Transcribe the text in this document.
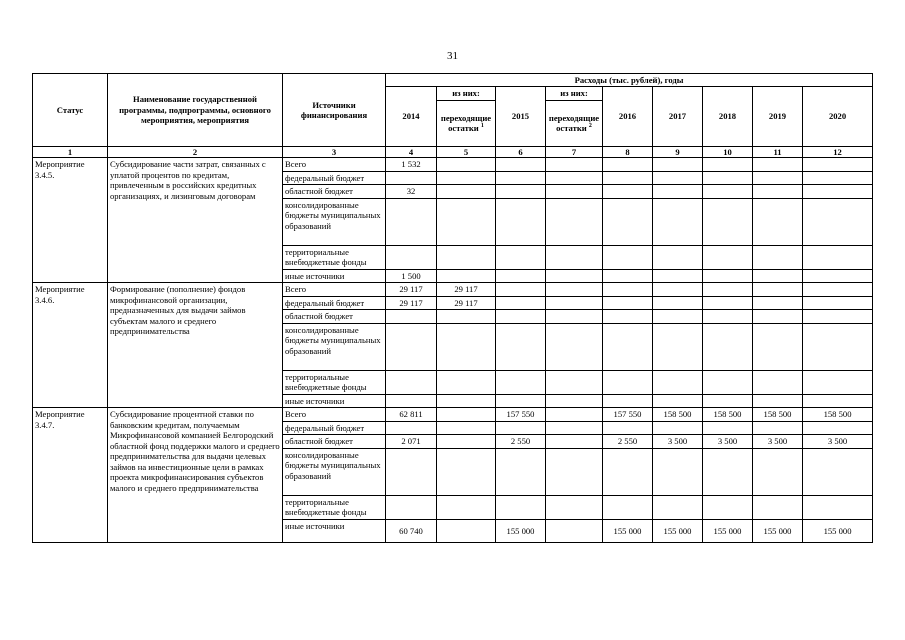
31
Статус	Наименование государственной программы, подпрограммы, основного мероприятия, мероприятия	Источники финансирования	Расходы (тыс. рублей), годы								
			2014	из них:	2015	из них:	2016	2017	2018	2019	2020
				переходящие остатки $^1$		переходящие остатки $^2$
1	2	3	4	5	6	7	8	9	10	11	12
Мероприятие 3.4.5.	Субсидирование части затрат, связанных с уплатой процентов по кредитам, привлеченным в российских кредитных организациях, и лизинговым договорам	Всего	1 532								
		федеральный бюджет									
		областной бюджет	32								
		консолидированные бюджеты муниципальных образований									
		территориальные внебюджетные фонды									
		иные источники	1 500								
Мероприятие 3.4.6.	Формирование (пополнение) фондов микрофинансовой организации, предназначенных для выдачи займов субъектам малого и среднего предпринимательства	Всего	29 117	29 117							
		федеральный бюджет	29 117	29 117							
		областной бюджет									
		консолидированные бюджеты муниципальных образований									
		территориальные внебюджетные фонды									
		иные источники									
Мероприятие 3.4.7.	Субсидирование процентной ставки по банковским кредитам, получаемым Микрофинансовой компанией Белгородский областной фонд поддержки малого и среднего предпринимательства для выдачи целевых займов на инвестиционные цели в рамках проекта микрофинансирования субъектов малого и среднего предпринимательства	Всего	62 811		157 550		157 550	158 500	158 500	158 500	158 500
		федеральный бюджет									
		областной бюджет	2 071		2 550		2 550	3 500	3 500	3 500	3 500
		консолидированные бюджеты муниципальных образований									
		территориальные внебюджетные фонды									
		иные источники	60 740		155 000		155 000	155 000	155 000	155 000	155 000
